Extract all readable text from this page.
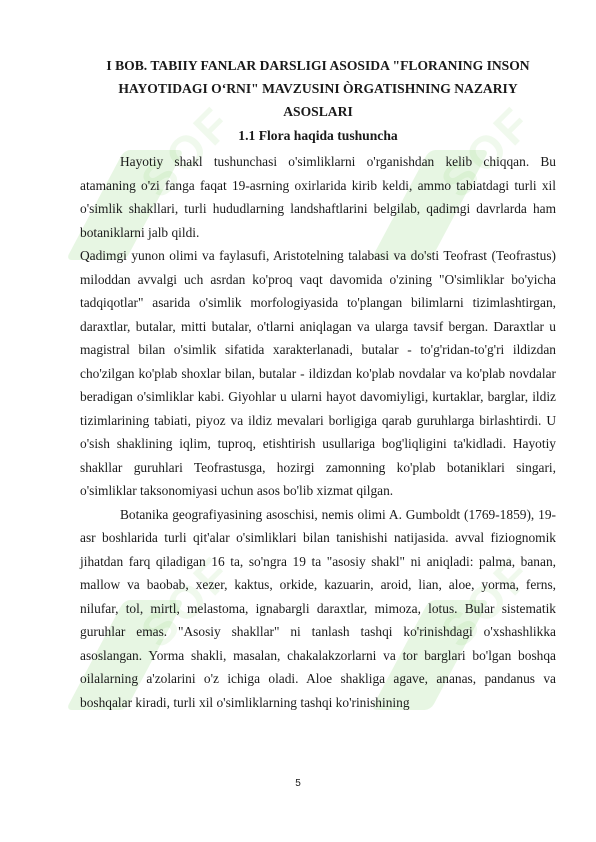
SOF	SOF
SOF	SOF
I BOB. TABIIY FANLAR DARSLIGI ASOSIDA "FLORANING INSON
HAYOTIDAGI O‘RNI" MAVZUSINI ÒRGATISHNING NAZARIY
ASOSLARI
1.1 Flora haqida tushuncha

Hayotiy shakl tushunchasi o'simliklarni o'rganishdan kelib chiqqan. Bu atamaning o'zi fanga faqat 19-asrning oxirlarida kirib keldi, ammo tabiatdagi turli xil o'simlik shakllari, turli hududlarning landshaftlarini belgilab, qadimgi davrlarda ham botaniklarni jalb qildi.

Qadimgi yunon olimi va faylasufi, Aristotelning talabasi va do'sti Teofrast (Teofrastus) miloddan avvalgi uch asrdan ko'proq vaqt davomida o'zining "O'simliklar bo'yicha tadqiqotlar" asarida o'simlik morfologiyasida to'plangan bilimlarni tizimlashtirgan, daraxtlar, butalar, mitti butalar, o'tlarni aniqlagan va ularga tavsif bergan. Daraxtlar u magistral bilan o'simlik sifatida xarakterlanadi, butalar - to'g'ridan-to'g'ri ildizdan cho'zilgan ko'plab shoxlar bilan, butalar - ildizdan ko'plab novdalar va ko'plab novdalar beradigan o'simliklar kabi. Giyohlar u ularni hayot davomiyligi, kurtaklar, barglar, ildiz tizimlarining tabiati, piyoz va ildiz mevalari borligiga qarab guruhlarga birlashtirdi. U o'sish shaklining iqlim, tuproq, etishtirish usullariga bog'liqligini ta'kidladi. Hayotiy shakllar guruhlari Teofrastusga, hozirgi zamonning ko'plab botaniklari singari, o'simliklar taksonomiyasi uchun asos bo'lib xizmat qilgan.

Botanika geografiyasining asoschisi, nemis olimi A. Gumboldt (1769-1859), 19-asr boshlarida turli qit'alar o'simliklari bilan tanishishi natijasida. avval fiziognomik jihatdan farq qiladigan 16 ta, so'ngra 19 ta "asosiy shakl" ni aniqladi: palma, banan, mallow va baobab, xezer, kaktus, orkide, kazuarin, aroid, lian, aloe, yorma, ferns, nilufar, tol, mirtl, melastoma, ignabargli daraxtlar, mimoza, lotus. Bular sistematik guruhlar emas. "Asosiy shakllar" ni tanlash tashqi ko'rinishdagi o'xshashlikka asoslangan. Yorma shakli, masalan, chakalakzorlarni va tor barglari bo'lgan boshqa oilalarning a'zolarini o'z ichiga oladi. Aloe shakliga agave, ananas, pandanus va boshqalar kiradi, turli xil o'simliklarning tashqi ko'rinishining

5
